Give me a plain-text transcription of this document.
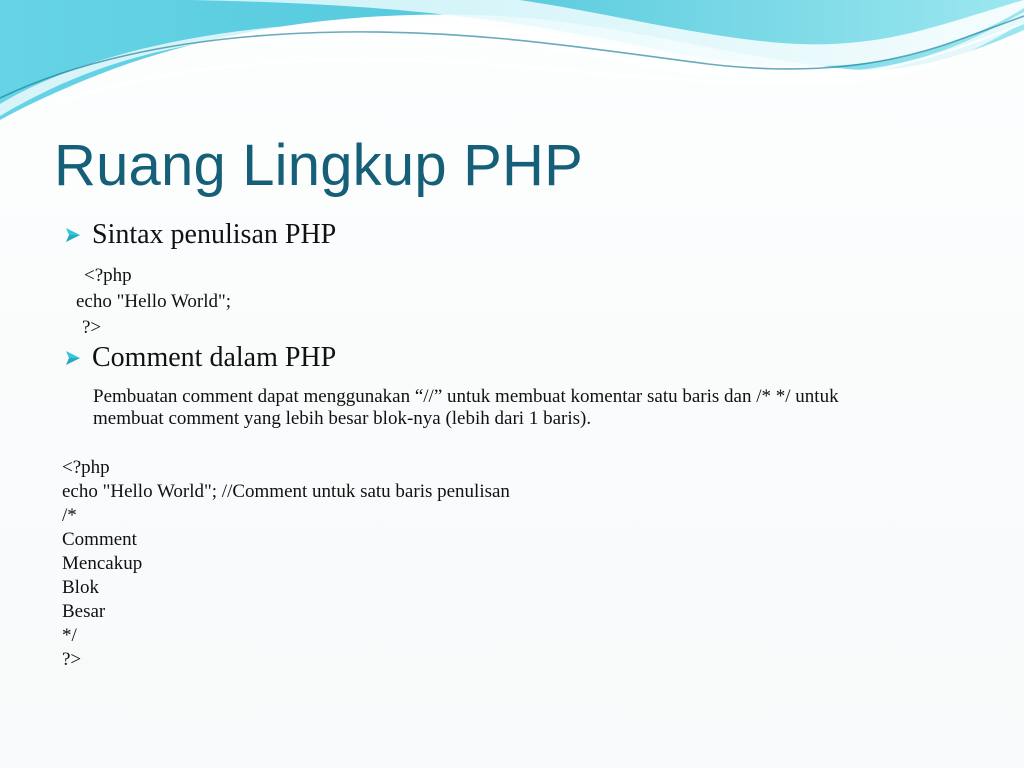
Ruang Lingkup PHP
Sintax penulisan PHP
<?php
echo "Hello World";
?>
Comment dalam PHP
Pembuatan comment dapat menggunakan “//” untuk membuat komentar satu baris dan /* */ untuk
membuat comment yang lebih besar blok-nya (lebih dari 1 baris).
<?php
echo "Hello World"; //Comment untuk satu baris penulisan
/*
Comment
Mencakup
Blok
Besar
*/
?>
